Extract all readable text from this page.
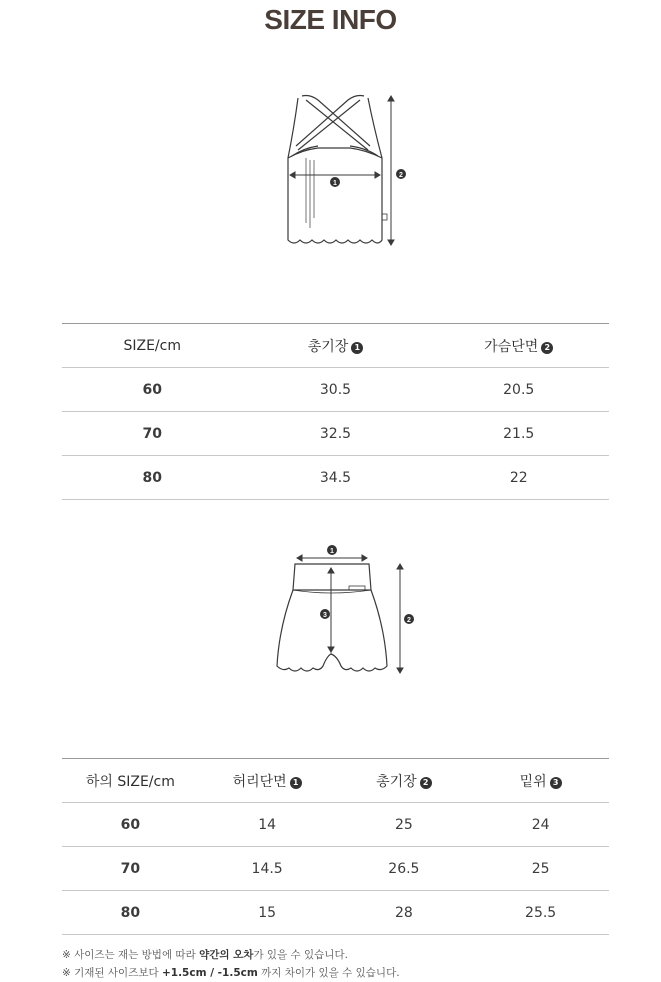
SIZE INFO
1
2
SIZE/cm	총기장 1	가슴단면 2
60	30.5	20.5
70	32.5	21.5
80	34.5	22
1
2
3
하의 SIZE/cm	허리단면 1	총기장 2	밑위 3
60	14	25	24
70	14.5	26.5	25
80	15	28	25.5
※ 사이즈는 재는 방법에 따라 약간의 오차가 있을 수 있습니다.
※ 기재된 사이즈보다 +1.5cm / -1.5cm 까지 차이가 있을 수 있습니다.
